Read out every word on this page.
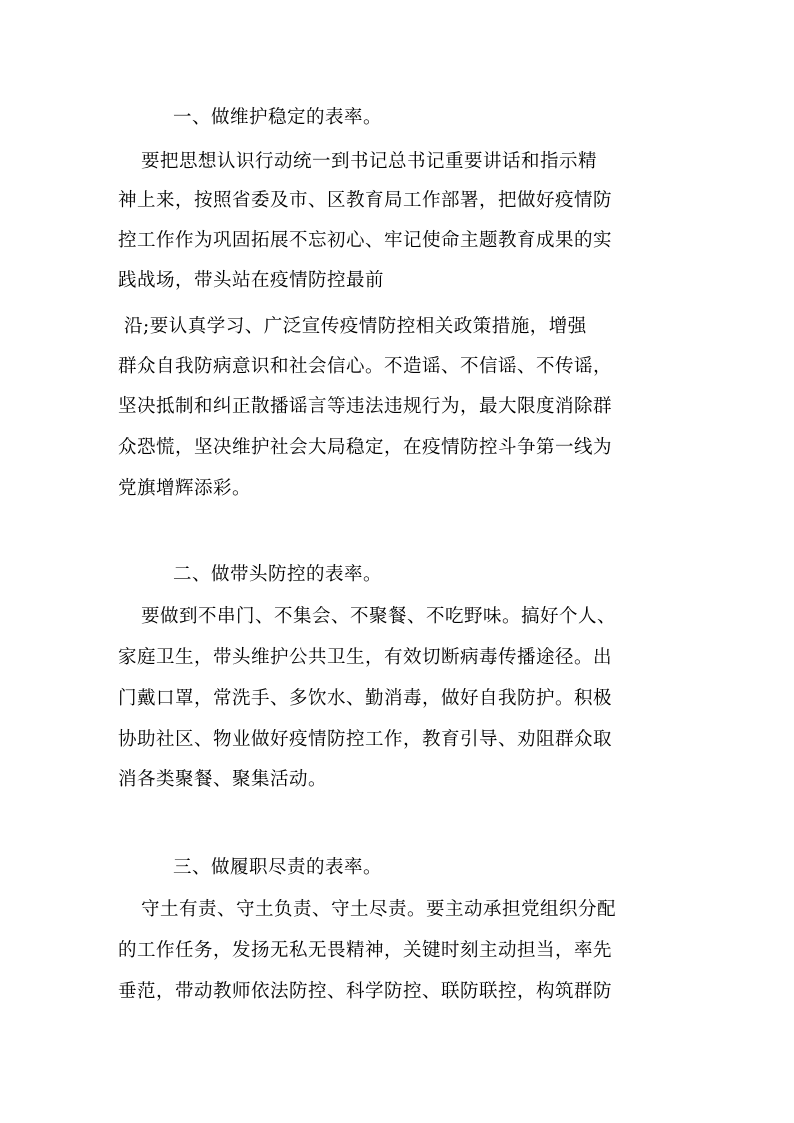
一、做维护稳定的表率。
要把思想认识行动统一到书记总书记重要讲话和指示精
神上来，按照省委及市、区教育局工作部署，把做好疫情防
控工作作为巩固拓展不忘初心、牢记使命主题教育成果的实
践战场，带头站在疫情防控最前
沿;要认真学习、广泛宣传疫情防控相关政策措施，增强
群众自我防病意识和社会信心。不造谣、不信谣、不传谣，
坚决抵制和纠正散播谣言等违法违规行为，最大限度消除群
众恐慌，坚决维护社会大局稳定，在疫情防控斗争第一线为
党旗增辉添彩。
二、做带头防控的表率。
要做到不串门、不集会、不聚餐、不吃野味。搞好个人、
家庭卫生，带头维护公共卫生，有效切断病毒传播途径。出
门戴口罩，常洗手、多饮水、勤消毒，做好自我防护。积极
协助社区、物业做好疫情防控工作，教育引导、劝阻群众取
消各类聚餐、聚集活动。
三、做履职尽责的表率。
守土有责、守土负责、守土尽责。要主动承担党组织分配
的工作任务，发扬无私无畏精神，关键时刻主动担当，率先
垂范，带动教师依法防控、科学防控、联防联控，构筑群防
